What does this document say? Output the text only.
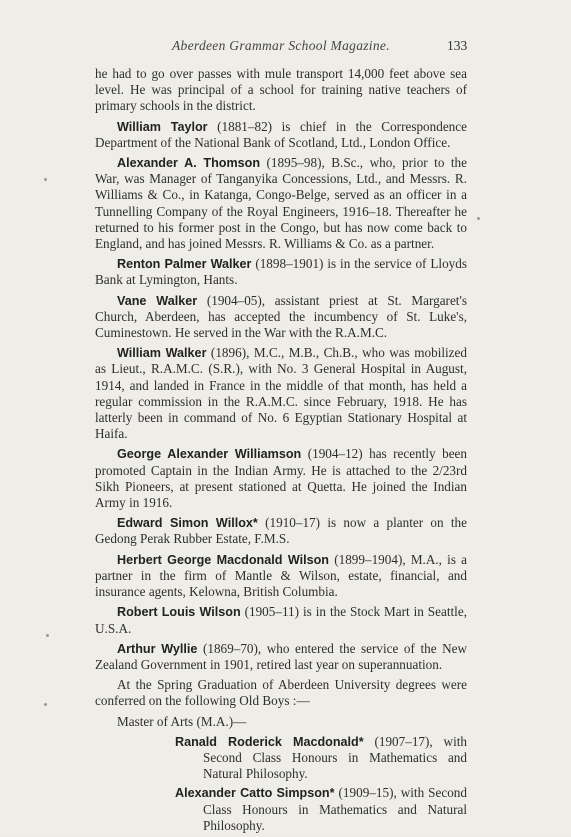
Aberdeen Grammar School Magazine.	133

he had to go over passes with mule transport 14,000 feet above sea level. He was principal of a school for training native teachers of primary schools in the district.

William Taylor (1881–82) is chief in the Correspondence Department of the National Bank of Scotland, Ltd., London Office.

Alexander A. Thomson (1895–98), B.Sc., who, prior to the War, was Manager of Tanganyika Concessions, Ltd., and Messrs. R. Williams & Co., in Katanga, Congo-Belge, served as an officer in a Tunnelling Company of the Royal Engineers, 1916–18. Thereafter he returned to his former post in the Congo, but has now come back to England, and has joined Messrs. R. Williams & Co. as a partner.

Renton Palmer Walker (1898–1901) is in the service of Lloyds Bank at Lymington, Hants.

Vane Walker (1904–05), assistant priest at St. Margaret's Church, Aberdeen, has accepted the incumbency of St. Luke's, Cuminestown. He served in the War with the R.A.M.C.

William Walker (1896), M.C., M.B., Ch.B., who was mobilized as Lieut., R.A.M.C. (S.R.), with No. 3 General Hospital in August, 1914, and landed in France in the middle of that month, has held a regular commission in the R.A.M.C. since February, 1918. He has latterly been in command of No. 6 Egyptian Stationary Hospital at Haifa.

George Alexander Williamson (1904–12) has recently been promoted Captain in the Indian Army. He is attached to the 2/23rd Sikh Pioneers, at present stationed at Quetta. He joined the Indian Army in 1916.

Edward Simon Willox* (1910–17) is now a planter on the Gedong Perak Rubber Estate, F.M.S.

Herbert George Macdonald Wilson (1899–1904), M.A., is a partner in the firm of Mantle & Wilson, estate, financial, and insurance agents, Kelowna, British Columbia.

Robert Louis Wilson (1905–11) is in the Stock Mart in Seattle, U.S.A.

Arthur Wyllie (1869–70), who entered the service of the New Zealand Government in 1901, retired last year on superannuation.

At the Spring Graduation of Aberdeen University degrees were conferred on the following Old Boys :—

Master of Arts (M.A.)—

Ranald Roderick Macdonald* (1907–17), with Second Class Honours in Mathematics and Natural Philosophy.
Alexander Catto Simpson* (1909–15), with Second Class Honours in Mathematics and Natural Philosophy.
